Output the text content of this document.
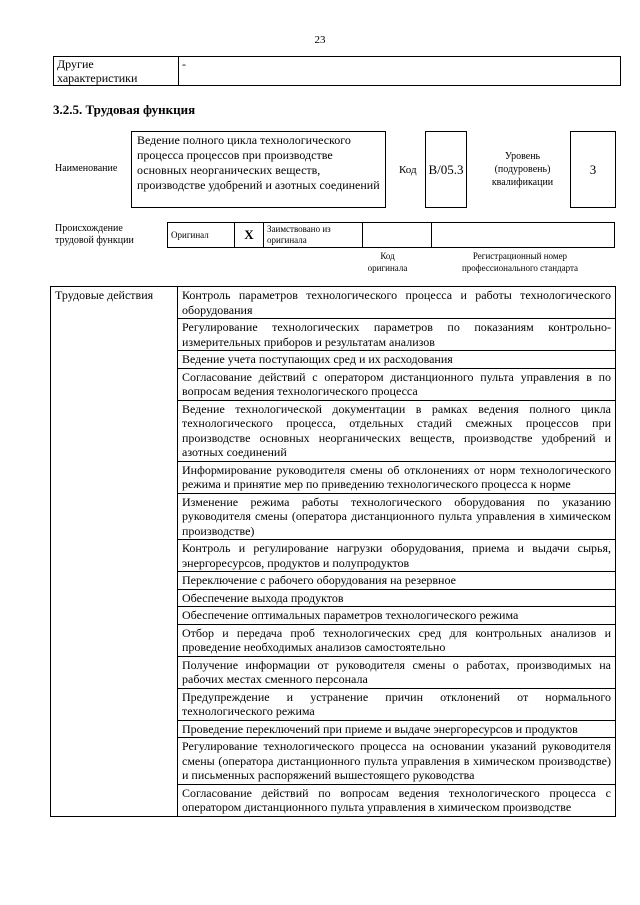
23
Другие характеристики	-
3.2.5. Трудовая функция
Наименование
Ведение полного цикла технологического процесса процессов при производстве основных неорганических веществ, производстве удобрений и азотных соединений
Код В/05.3
Уровень (подуровень) квалификации
3
Происхождение трудовой функции	Оригинал	X	Заимствовано из оригинала		
Код оригинала
Регистрационный номер профессионального стандарта
Трудовые действия	Контроль параметров технологического процесса и работы технологического оборудования
Регулирование технологических параметров по показаниям контрольно-измерительных приборов и результатам анализов
Ведение учета поступающих сред и их расходования
Согласование действий с оператором дистанционного пульта управления в по вопросам ведения технологического процесса
Ведение технологической документации в рамках ведения полного цикла технологического процесса, отдельных стадий смежных процессов при производстве основных неорганических веществ, производстве удобрений и азотных соединений
Информирование руководителя смены об отклонениях от норм технологического режима и принятие мер по приведению технологического процесса к норме
Изменение режима работы технологического оборудования по указанию руководителя смены (оператора дистанционного пульта управления в химическом производстве)
Контроль и регулирование нагрузки оборудования, приема и выдачи сырья, энергоресурсов, продуктов и полупродуктов
Переключение с рабочего оборудования на резервное
Обеспечение выхода продуктов
Обеспечение оптимальных параметров технологического режима
Отбор и передача проб технологических сред для контрольных анализов и проведение необходимых анализов самостоятельно
Получение информации от руководителя смены о работах, производимых на рабочих местах сменного персонала
Предупреждение и устранение причин отклонений от нормального технологического режима
Проведение переключений при приеме и выдаче энергоресурсов и продуктов
Регулирование технологического процесса на основании указаний руководителя смены (оператора дистанционного пульта управления в химическом производстве) и письменных распоряжений вышестоящего руководства
Согласование действий по вопросам ведения технологического процесса с оператором дистанционного пульта управления в химическом производстве
